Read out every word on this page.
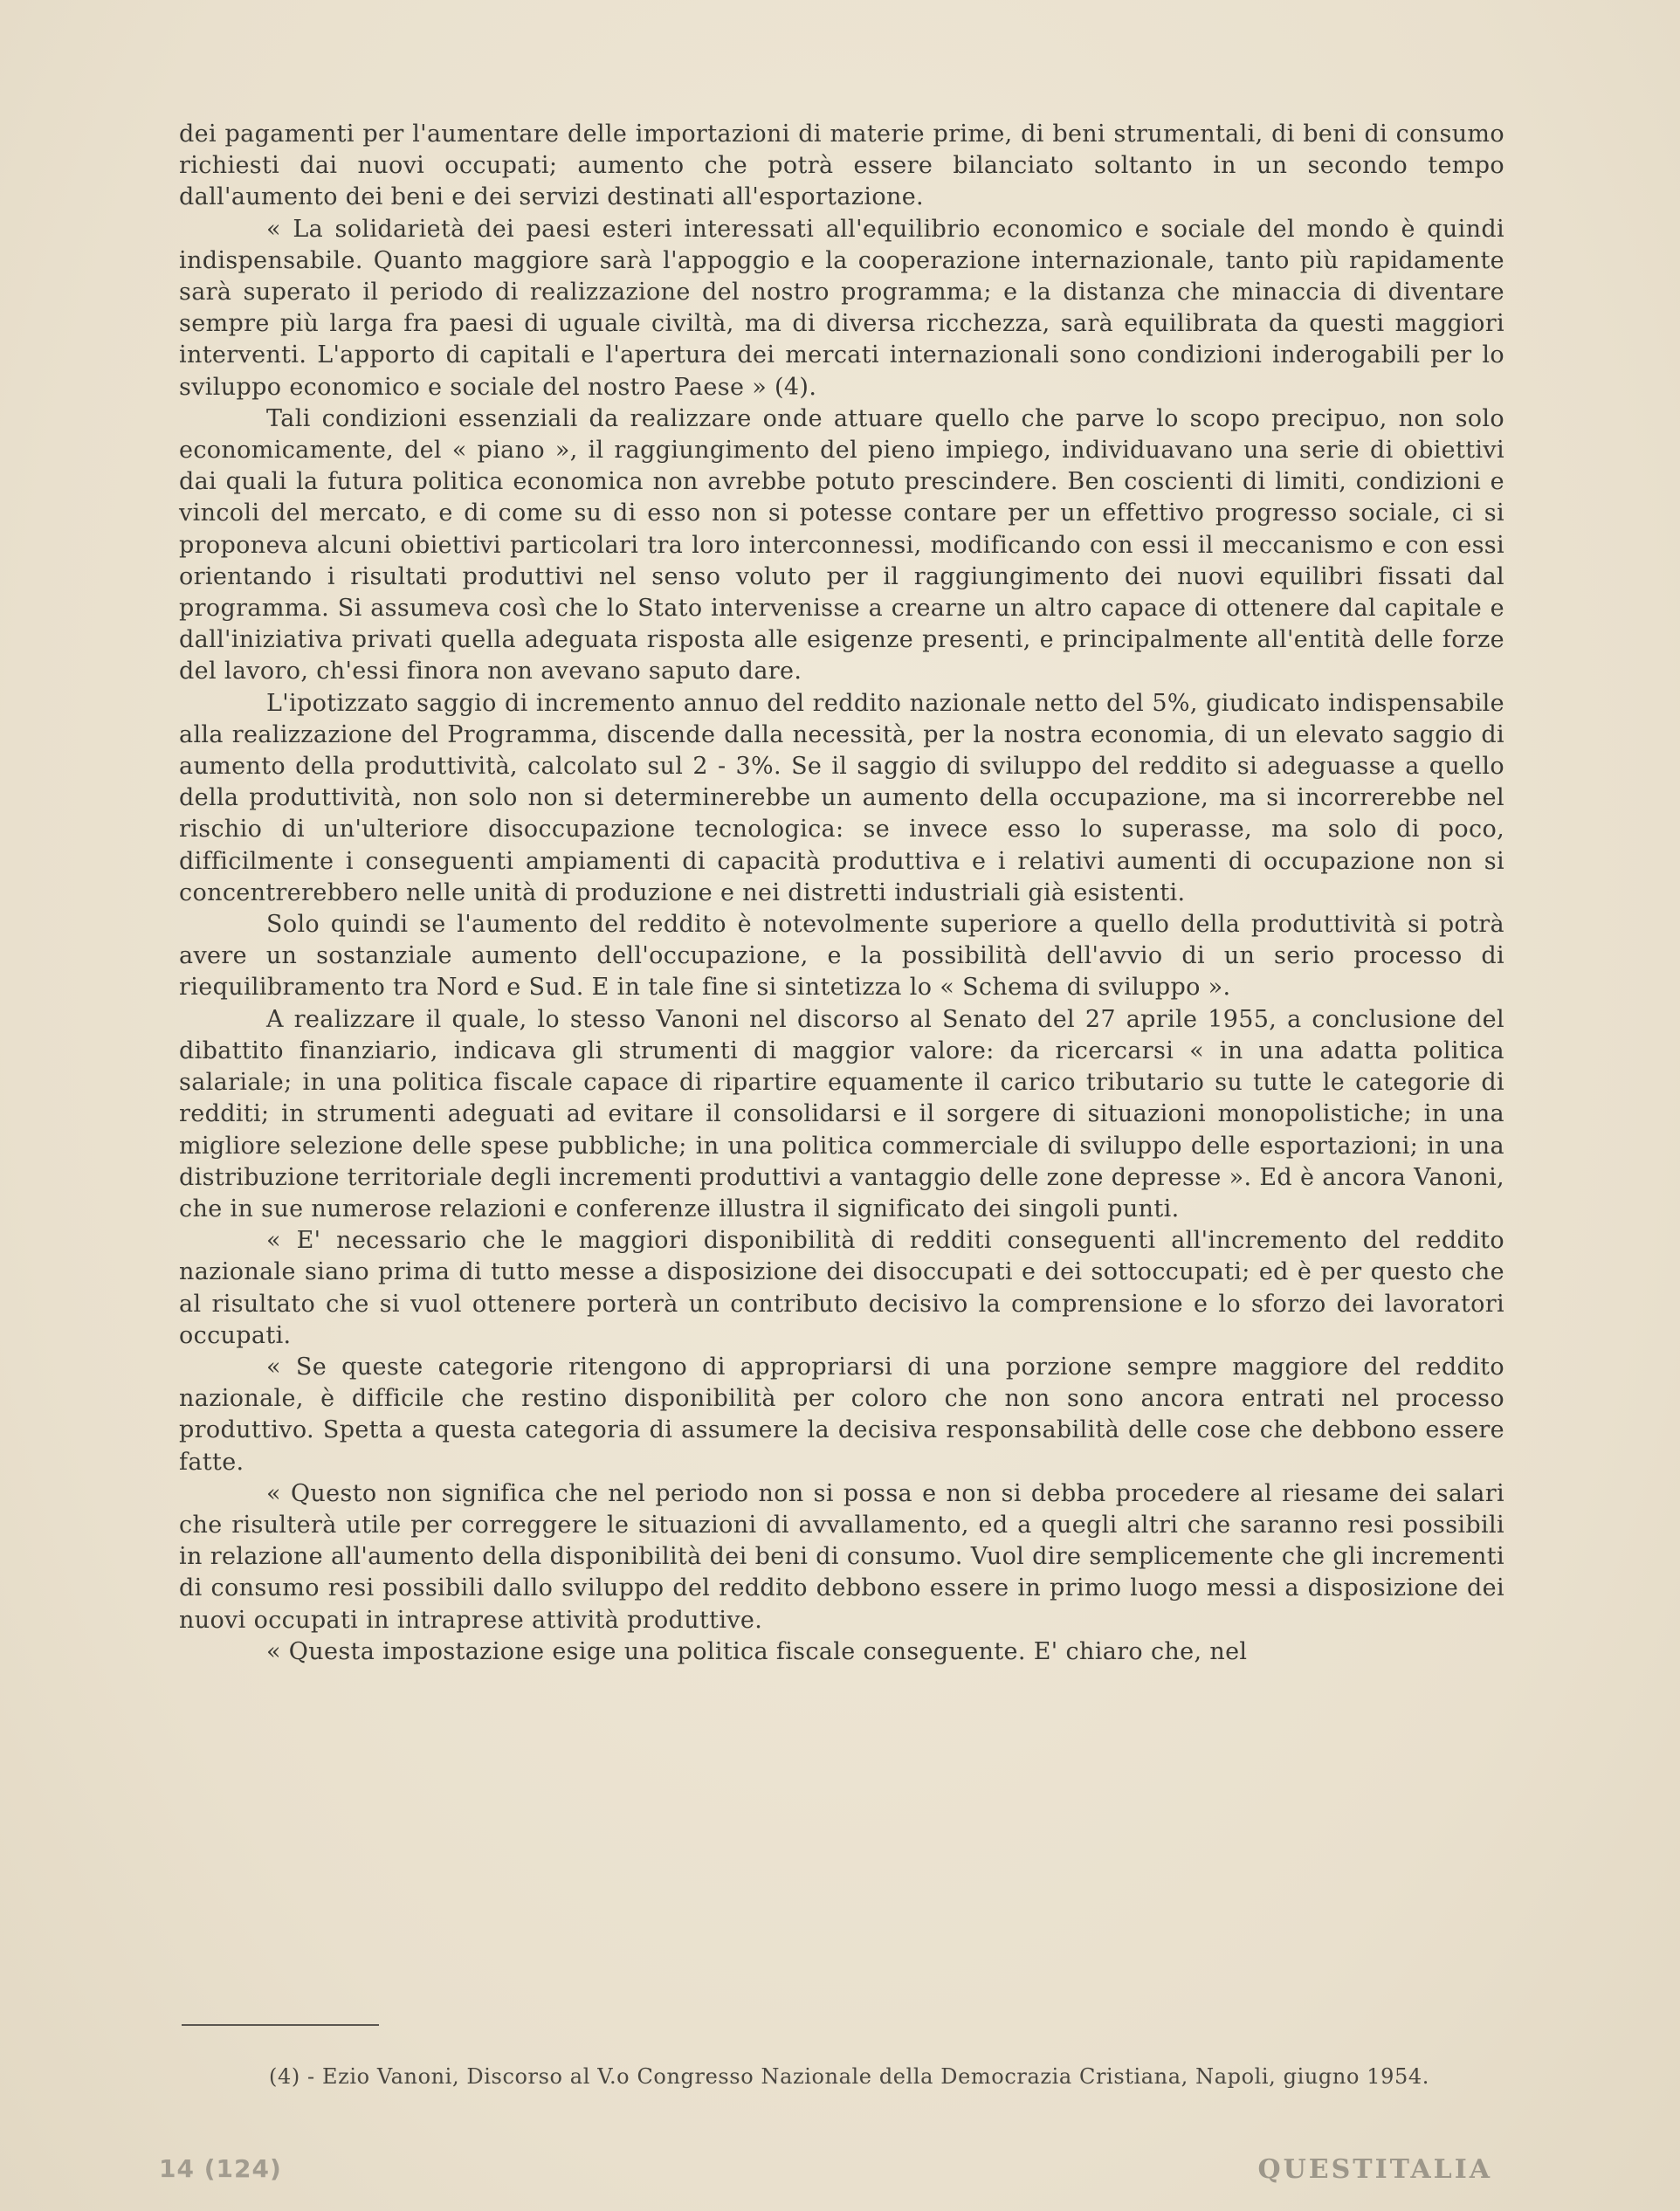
dei pagamenti per l'aumentare delle importazioni di materie prime, di beni strumentali, di beni di consumo richiesti dai nuovi occupati; aumento che potrà essere bilanciato soltanto in un secondo tempo dall'aumento dei beni e dei servizi destinati all'esportazione.

« La solidarietà dei paesi esteri interessati all'equilibrio economico e sociale del mondo è quindi indispensabile. Quanto maggiore sarà l'appoggio e la cooperazione internazionale, tanto più rapidamente sarà superato il periodo di realizzazione del nostro programma; e la distanza che minaccia di diventare sempre più larga fra paesi di uguale civiltà, ma di diversa ricchezza, sarà equilibrata da questi maggiori interventi. L'apporto di capitali e l'apertura dei mercati internazionali sono condizioni inderogabili per lo sviluppo economico e sociale del nostro Paese » (4).

Tali condizioni essenziali da realizzare onde attuare quello che parve lo scopo precipuo, non solo economicamente, del « piano », il raggiungimento del pieno impiego, individuavano una serie di obiettivi dai quali la futura politica economica non avrebbe potuto prescindere. Ben coscienti di limiti, condizioni e vincoli del mercato, e di come su di esso non si potesse contare per un effettivo progresso sociale, ci si proponeva alcuni obiettivi particolari tra loro interconnessi, modificando con essi il meccanismo e con essi orientando i risultati produttivi nel senso voluto per il raggiungimento dei nuovi equilibri fissati dal programma. Si assumeva così che lo Stato intervenisse a crearne un altro capace di ottenere dal capitale e dall'iniziativa privati quella adeguata risposta alle esigenze presenti, e principalmente all'entità delle forze del lavoro, ch'essi finora non avevano saputo dare.

L'ipotizzato saggio di incremento annuo del reddito nazionale netto del 5%, giudicato indispensabile alla realizzazione del Programma, discende dalla necessità, per la nostra economia, di un elevato saggio di aumento della produttività, calcolato sul 2 - 3%. Se il saggio di sviluppo del reddito si adeguasse a quello della produttività, non solo non si determinerebbe un aumento della occupazione, ma si incorrerebbe nel rischio di un'ulteriore disoccupazione tecnologica: se invece esso lo superasse, ma solo di poco, difficilmente i conseguenti ampiamenti di capacità produttiva e i relativi aumenti di occupazione non si concentrerebbero nelle unità di produzione e nei distretti industriali già esistenti.

Solo quindi se l'aumento del reddito è notevolmente superiore a quello della produttività si potrà avere un sostanziale aumento dell'occupazione, e la possibilità dell'avvio di un serio processo di riequilibramento tra Nord e Sud. E in tale fine si sintetizza lo « Schema di sviluppo ».

A realizzare il quale, lo stesso Vanoni nel discorso al Senato del 27 aprile 1955, a conclusione del dibattito finanziario, indicava gli strumenti di maggior valore: da ricercarsi « in una adatta politica salariale; in una politica fiscale capace di ripartire equamente il carico tributario su tutte le categorie di redditi; in strumenti adeguati ad evitare il consolidarsi e il sorgere di situazioni monopolistiche; in una migliore selezione delle spese pubbliche; in una politica commerciale di sviluppo delle esportazioni; in una distribuzione territoriale degli incrementi produttivi a vantaggio delle zone depresse ». Ed è ancora Vanoni, che in sue numerose relazioni e conferenze illustra il significato dei singoli punti.

« E' necessario che le maggiori disponibilità di redditi conseguenti all'incremento del reddito nazionale siano prima di tutto messe a disposizione dei disoccupati e dei sottoccupati; ed è per questo che al risultato che si vuol ottenere porterà un contributo decisivo la comprensione e lo sforzo dei lavoratori occupati.

« Se queste categorie ritengono di appropriarsi di una porzione sempre maggiore del reddito nazionale, è difficile che restino disponibilità per coloro che non sono ancora entrati nel processo produttivo. Spetta a questa categoria di assumere la decisiva responsabilità delle cose che debbono essere fatte.

« Questo non significa che nel periodo non si possa e non si debba procedere al riesame dei salari che risulterà utile per correggere le situazioni di avvallamento, ed a quegli altri che saranno resi possibili in relazione all'aumento della disponibilità dei beni di consumo. Vuol dire semplicemente che gli incrementi di consumo resi possibili dallo sviluppo del reddito debbono essere in primo luogo messi a disposizione dei nuovi occupati in intraprese attività produttive.

« Questa impostazione esige una politica fiscale conseguente. E' chiaro che, nel

(4) - Ezio Vanoni, Discorso al V.o Congresso Nazionale della Democrazia Cristiana, Napoli, giugno 1954.

14 (124)	QUESTITALIA
